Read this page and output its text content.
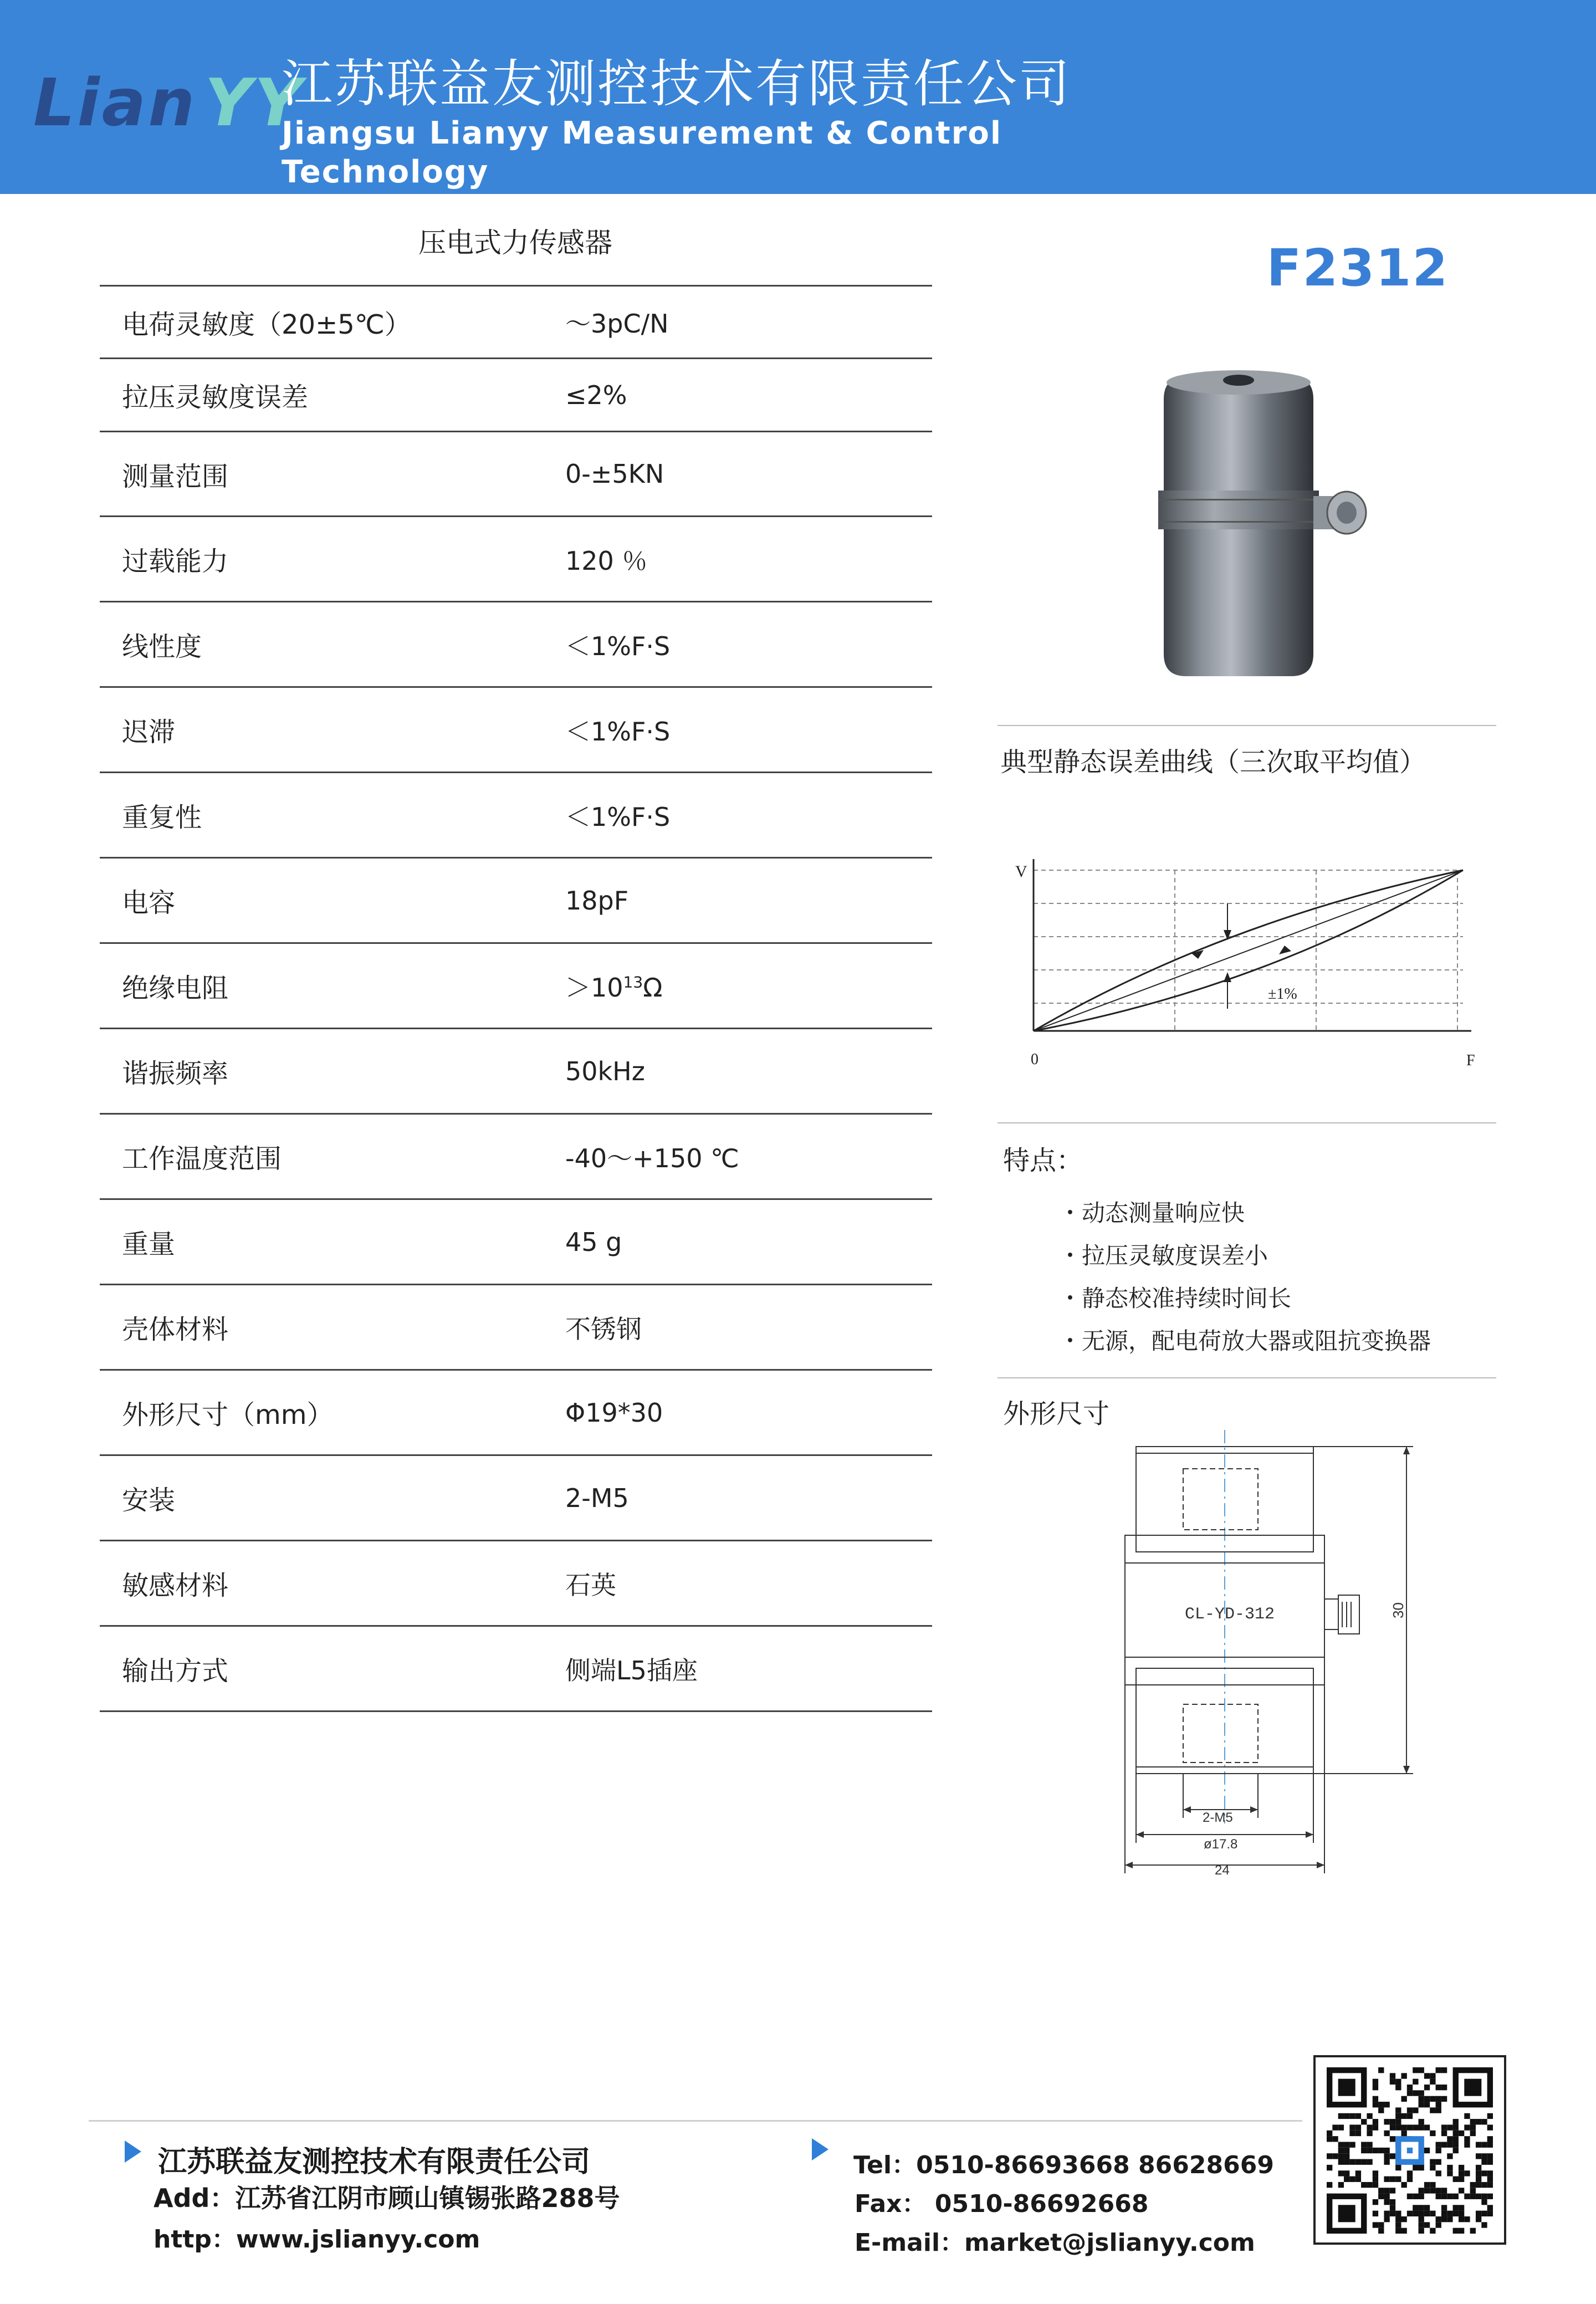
Lian YY
江苏联益友测控技术有限责任公司
Jiangsu Lianyy Measurement & Control Technology
CO., LTD.
压电式力传感器
电荷灵敏度（20±5℃）	～3pC/N
拉压灵敏度误差	≤2%
测量范围	0-±5KN
过载能力	120 ％
线性度	＜1%F·S
迟滞	＜1%F·S
重复性	＜1%F·S
电容	18pF
绝缘电阻	$>10^{13}\Omega$
谐振频率	50kHz
工作温度范围	-40～+150 ℃
重量	45 g
壳体材料	不锈钢
外形尺寸（mm）	Φ19*30
安装	2-M5
敏感材料	石英
输出方式	侧端L5插座
F2312
典型静态误差曲线（三次取平均值）
V
F
0
±1%
特点：
・动态测量响应快
・拉压灵敏度误差小
・静态校准持续时间长
・无源，配电荷放大器或阻抗变换器
外形尺寸
CL-YD-312	30
2-M5
ø17.8
24
江苏联益友测控技术有限责任公司
Add：江苏省江阴市顾山镇锡张路288号
http：www.jslianyy.com
Tel：0510-86693668 86628669
Fax： 0510-86692668
E-mail：market@jslianyy.com
